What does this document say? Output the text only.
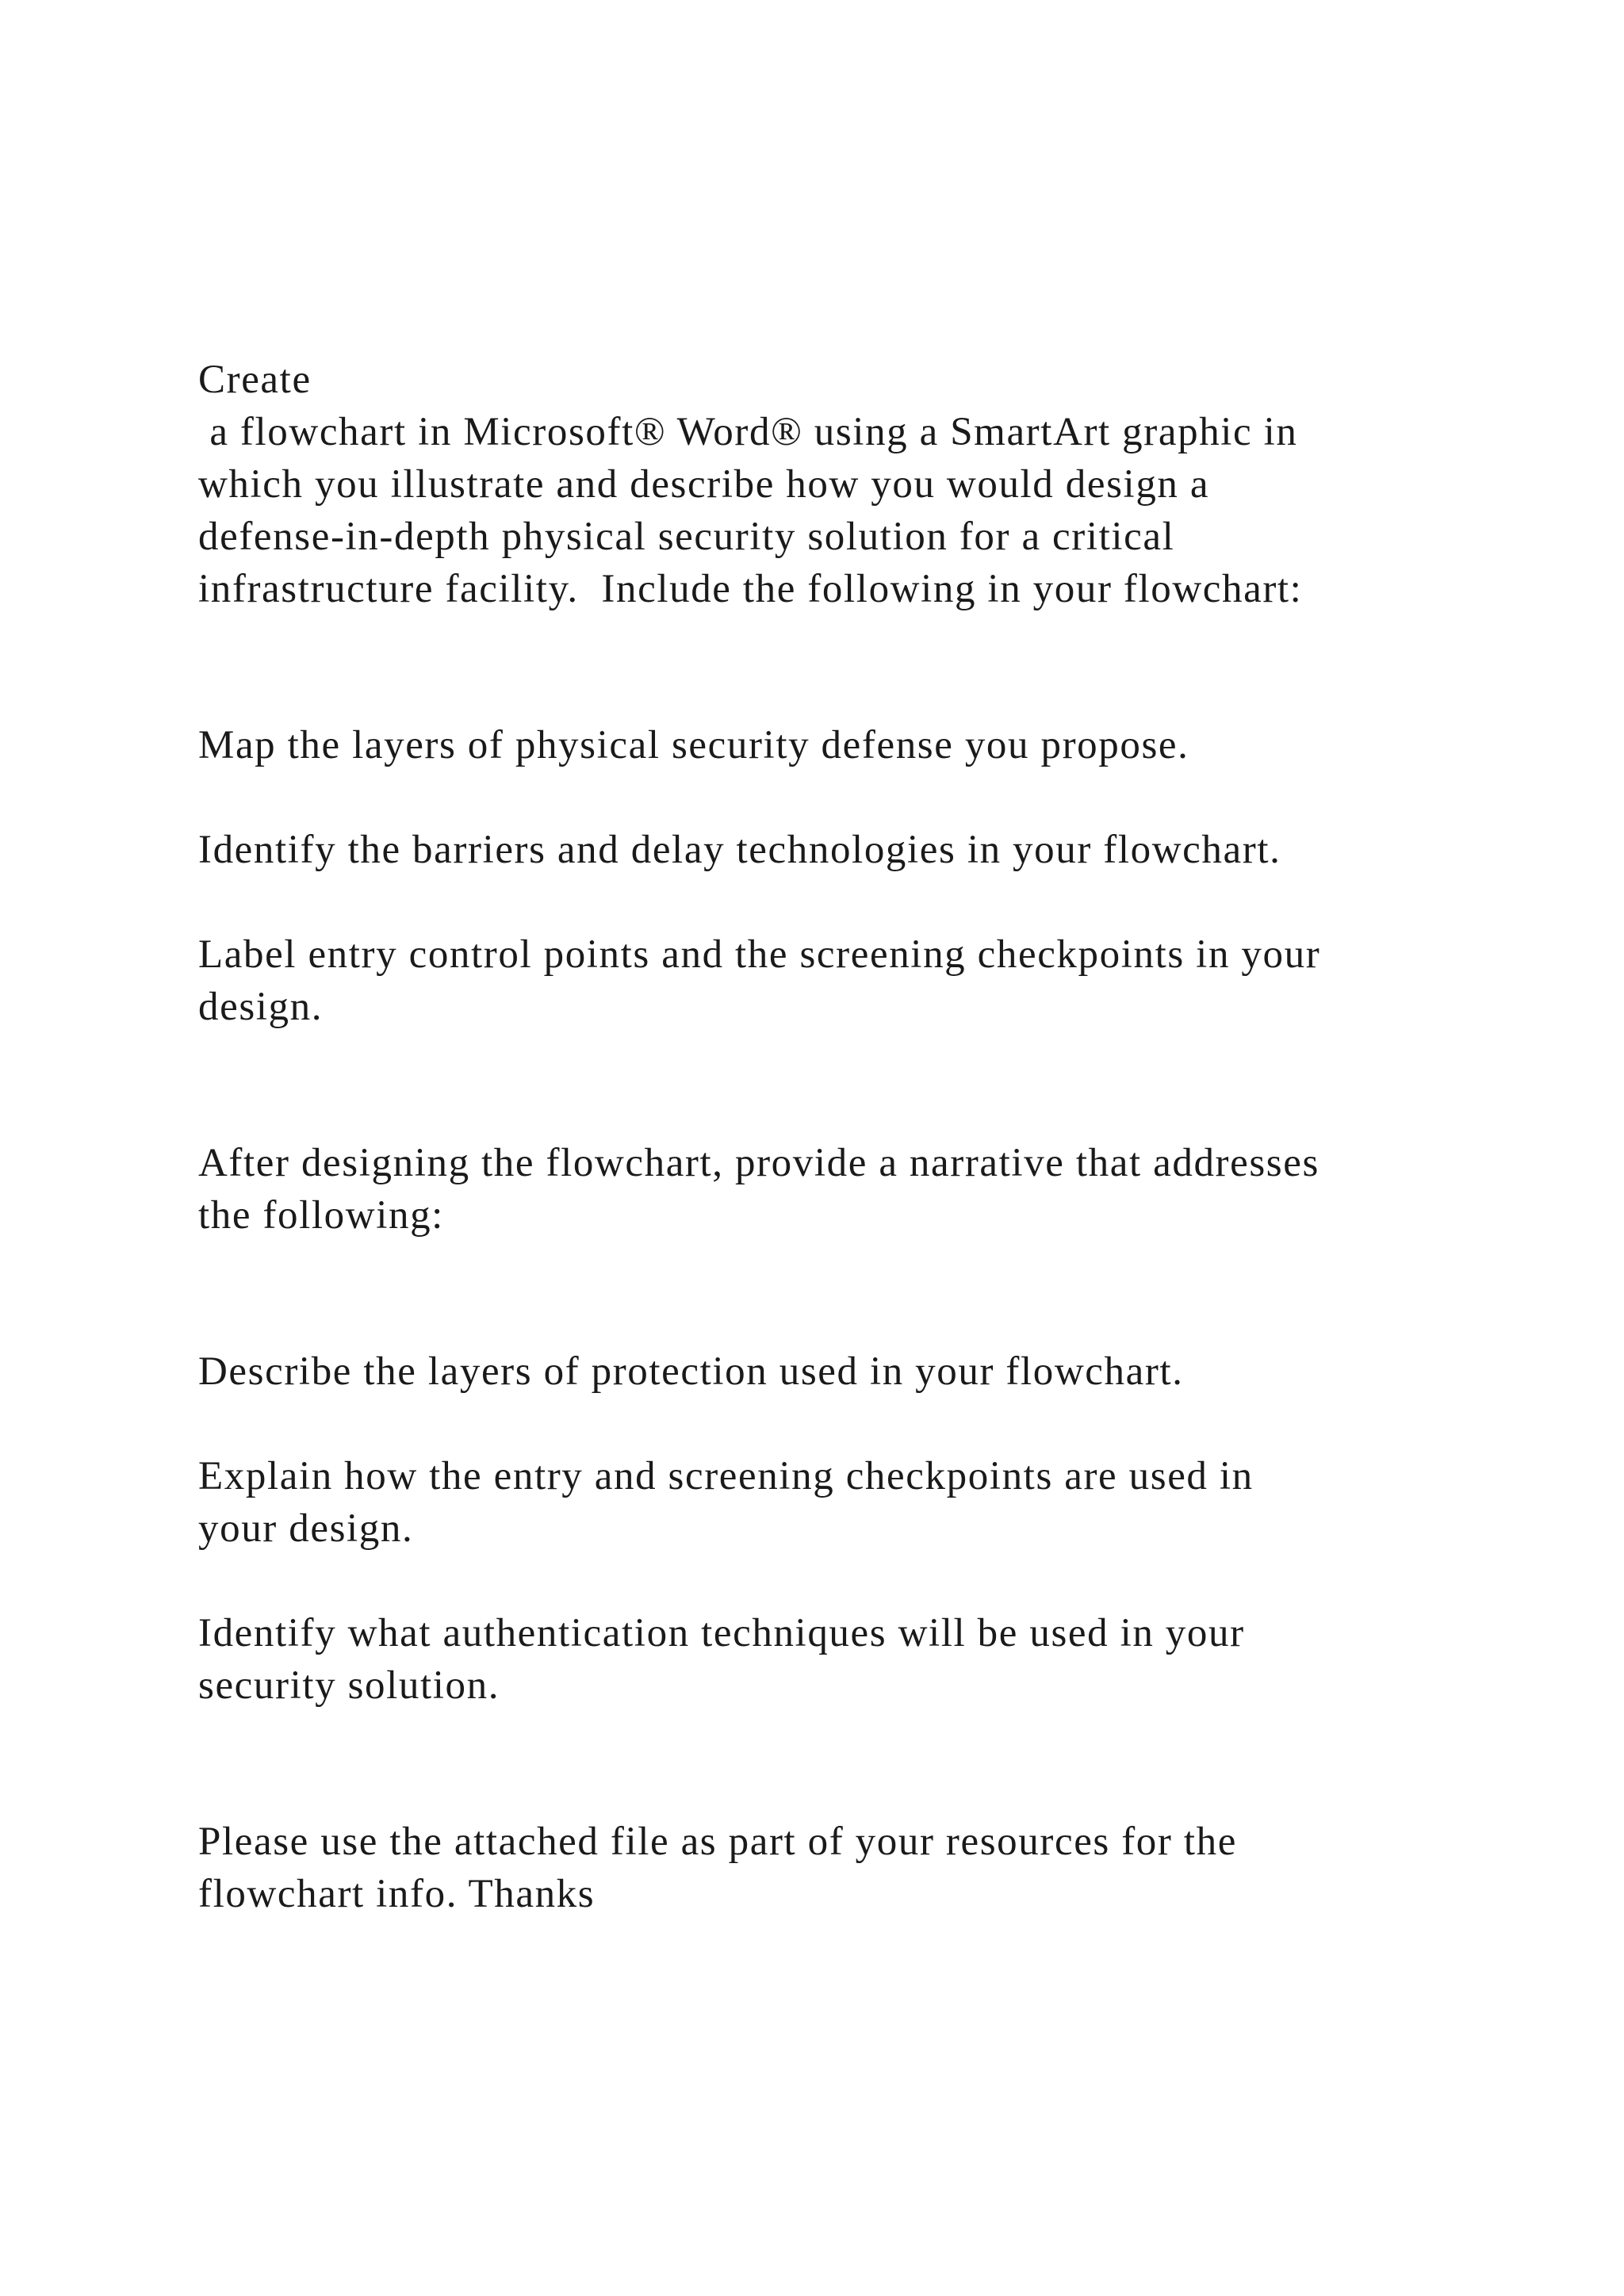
Create

a flowchart in Microsoft® Word® using a SmartArt graphic in

which you illustrate and describe how you would design a

defense-in-depth physical security solution for a critical

infrastructure facility.  Include the following in your flowchart:

Map the layers of physical security defense you propose.

Identify the barriers and delay technologies in your flowchart.

Label entry control points and the screening checkpoints in your

design.

After designing the flowchart, provide a narrative that addresses

the following:

Describe the layers of protection used in your flowchart.

Explain how the entry and screening checkpoints are used in

your design.

Identify what authentication techniques will be used in your

security solution.

Please use the attached file as part of your resources for the

flowchart info. Thanks
